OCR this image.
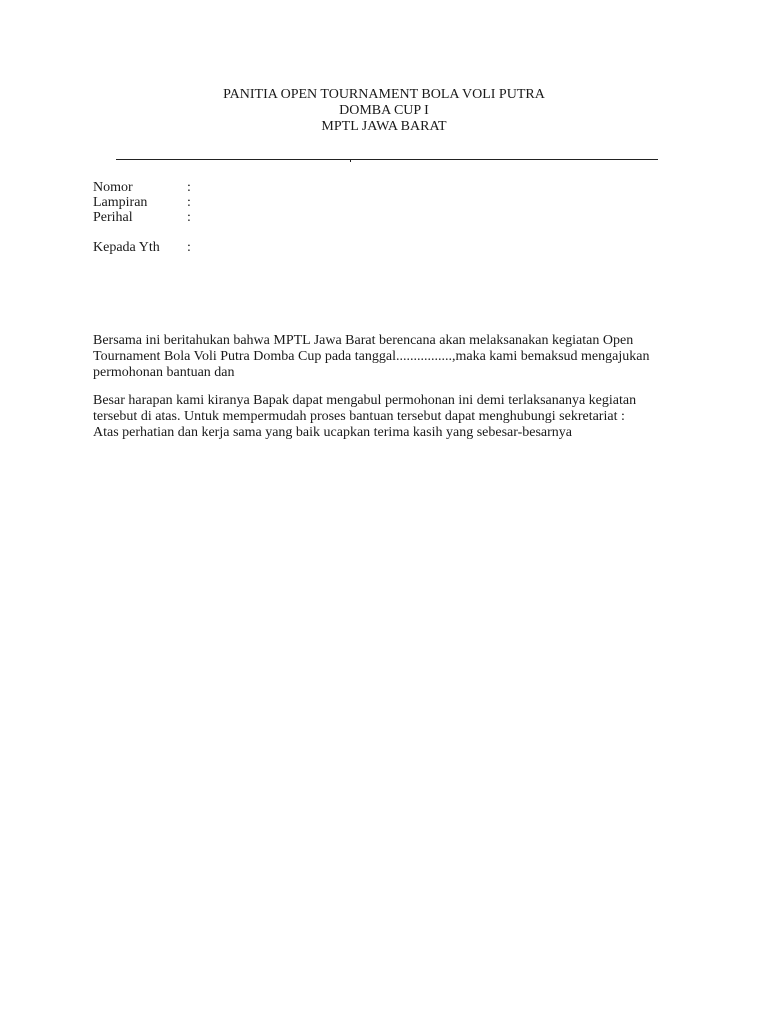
PANITIA OPEN TOURNAMENT BOLA VOLI PUTRA
DOMBA CUP I
MPTL JAWA BARAT
Nomor	:
Lampiran	:
Perihal	:
Kepada Yth	:
Bersama ini beritahukan bahwa MPTL Jawa Barat berencana akan melaksanakan kegiatan Open
Tournament Bola Voli Putra Domba Cup pada tanggal................,maka kami bemaksud mengajukan
permohonan bantuan dan
Besar harapan kami kiranya Bapak dapat mengabul permohonan ini demi terlaksananya kegiatan
tersebut di atas. Untuk mempermudah proses bantuan tersebut dapat menghubungi sekretariat :
Atas perhatian dan kerja sama yang baik ucapkan terima kasih yang sebesar-besarnya
